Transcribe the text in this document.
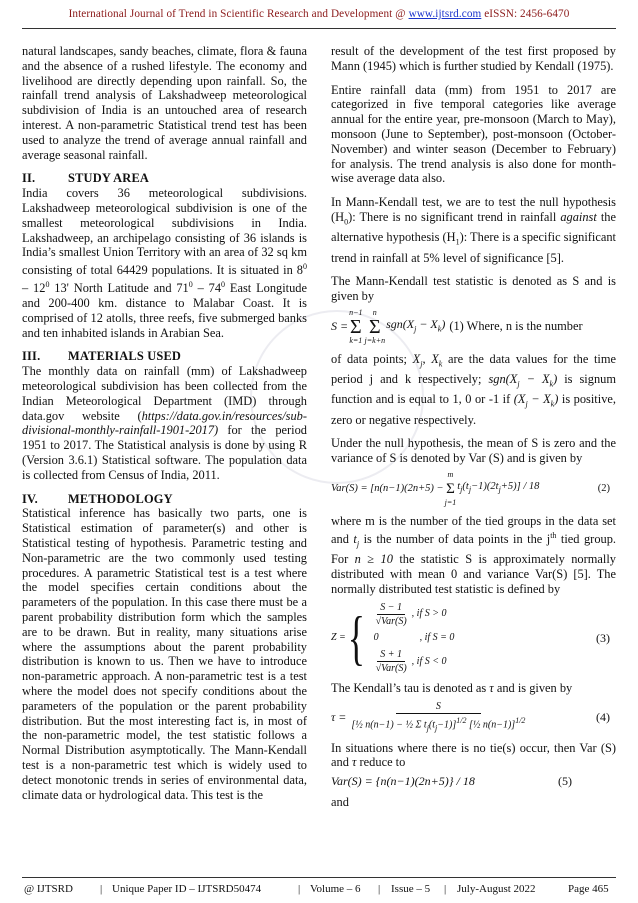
International Journal of Trend in Scientific Research and Development @ www.ijtsrd.com eISSN: 2456-6470

natural landscapes, sandy beaches, climate, flora & fauna and the absence of a rushed lifestyle. The economy and livelihood are directly depending upon rainfall. So, the rainfall trend analysis of Lakshadweep meteorological subdivision of India is an untouched area of research interest. A non-parametric Statistical trend test has been used to analyze the trend of average annual rainfall and average seasonal rainfall.

II.	STUDY AREA

India covers 36 meteorological subdivisions. Lakshadweep meteorological subdivision is one of the smallest meteorological subdivisions in India. Lakshadweep, an archipelago consisting of 36 islands is India’s smallest Union Territory with an area of 32 sq km consisting of total 64429 populations. It is situated in $8^0 - 12^0$ 13' North Latitude and $71^0 - 74^0$ East Longitude and 200-400 km. distance to Malabar Coast. It is comprised of 12 atolls, three reefs, five submerged banks and ten inhabited islands in Arabian Sea.

III. MATERIALS USED

The monthly data on rainfall (mm) of Lakshadweep meteorological subdivision has been collected from the Indian Meteorological Department (IMD) through data.gov website (https://data.gov.in/resources/sub-divisional-monthly-rainfall-1901-2017) for the period 1951 to 2017. The Statistical analysis is done by using R (Version 3.6.1) Statistical software. The population data is collected from Census of India, 2011.

IV. METHODOLOGY

Statistical inference has basically two parts, one is Statistical estimation of parameter(s) and other is Statistical testing of hypothesis. Parametric testing and Non-parametric are the two commonly used testing procedures. A parametric Statistical test is a test where the model specifies certain conditions about the parameters of the population. In this case there must be a parent probability distribution form which the samples are to be drawn. But in reality, many situations arise where the assumptions about the parent probability distribution is known to us. Then we have to introduce non-parametric approach. A non-parametric test is a test where the model does not specify conditions about the parameters of the population or the parent probability distribution. But the most interesting fact is, in most of the non-parametric model, the test statistic follows a Normal Distribution asymptotically. The Mann-Kendall test is a non-parametric test which is widely used to detect monotonic trends in series of environmental data, climate data or hydrological data. This test is the

result of the development of the test first proposed by Mann (1945) which is further studied by Kendall (1975).

Entire rainfall data (mm) from 1951 to 2017 are categorized in five temporal categories like average annual for the entire year, pre-monsoon (March to May), monsoon (June to September), post-monsoon (October-November) and winter season (December to February) for analysis. The trend analysis is also done for month- wise average data also.

In Mann-Kendall test, we are to test the null hypothesis $(H_0)$: There is no significant trend in rainfall against the alternative hypothesis $(H_1)$: There is a specific significant trend in rainfall at 5% level of significance [5].

The Mann-Kendall test statistic is denoted as S and is given by

S =
n−1
Σ
k=1
n
Σ
j=k+n
$sgn(X_j - X_k)$ (1) Where, n is the number

of data points; $X_j$, $X_k$ are the data values for the time period j and k respectively; $sgn(X_j - X_k)$ is signum function and is equal to 1, 0 or -1 if $(X_j - X_k)$ is positive, zero or negative respectively.

Under the null hypothesis, the mean of S is zero and the variance of S is denoted by Var (S) and is given by

Var(S) = [n(n−1)(2n+5) −
m
Σ
j=1
$t_j(t_j-1)(2t_j+5)] / 18$	(2)

where m is the number of the tied groups in the data set and $t_j$ is the number of data points in the $j^{th}$ tied group. For n ≥ 10 the statistic S is approximately normally distributed with mean 0 and variance Var(S) [5]. The normally distributed test statistic is defined by

Z = { $\frac{S - 1}{\text{√Var(S)}}$ , if S > 0
0	, if S = 0
$\frac{S + 1}{\text{√Var(S)}}$ , if S < 0
(3)

The Kendall’s tau is denoted as τ and is given by

$\tau = \frac{S}{[\frac{1}{2} n(n-1) - \frac{1}{2} \Sigma t_j(t_j-1)]^{1/2} [\frac{1}{2} n(n-1)]^{1/2}}$	(4)

In situations where there is no tie(s) occur, then Var (S) and τ reduce to

Var(S) = {n(n−1)(2n+5)} / 18	(5)

and

@ IJTSRD | Unique Paper ID – IJTSRD50474	| Volume – 6 | Issue – 5 | July-August 2022	Page 465
